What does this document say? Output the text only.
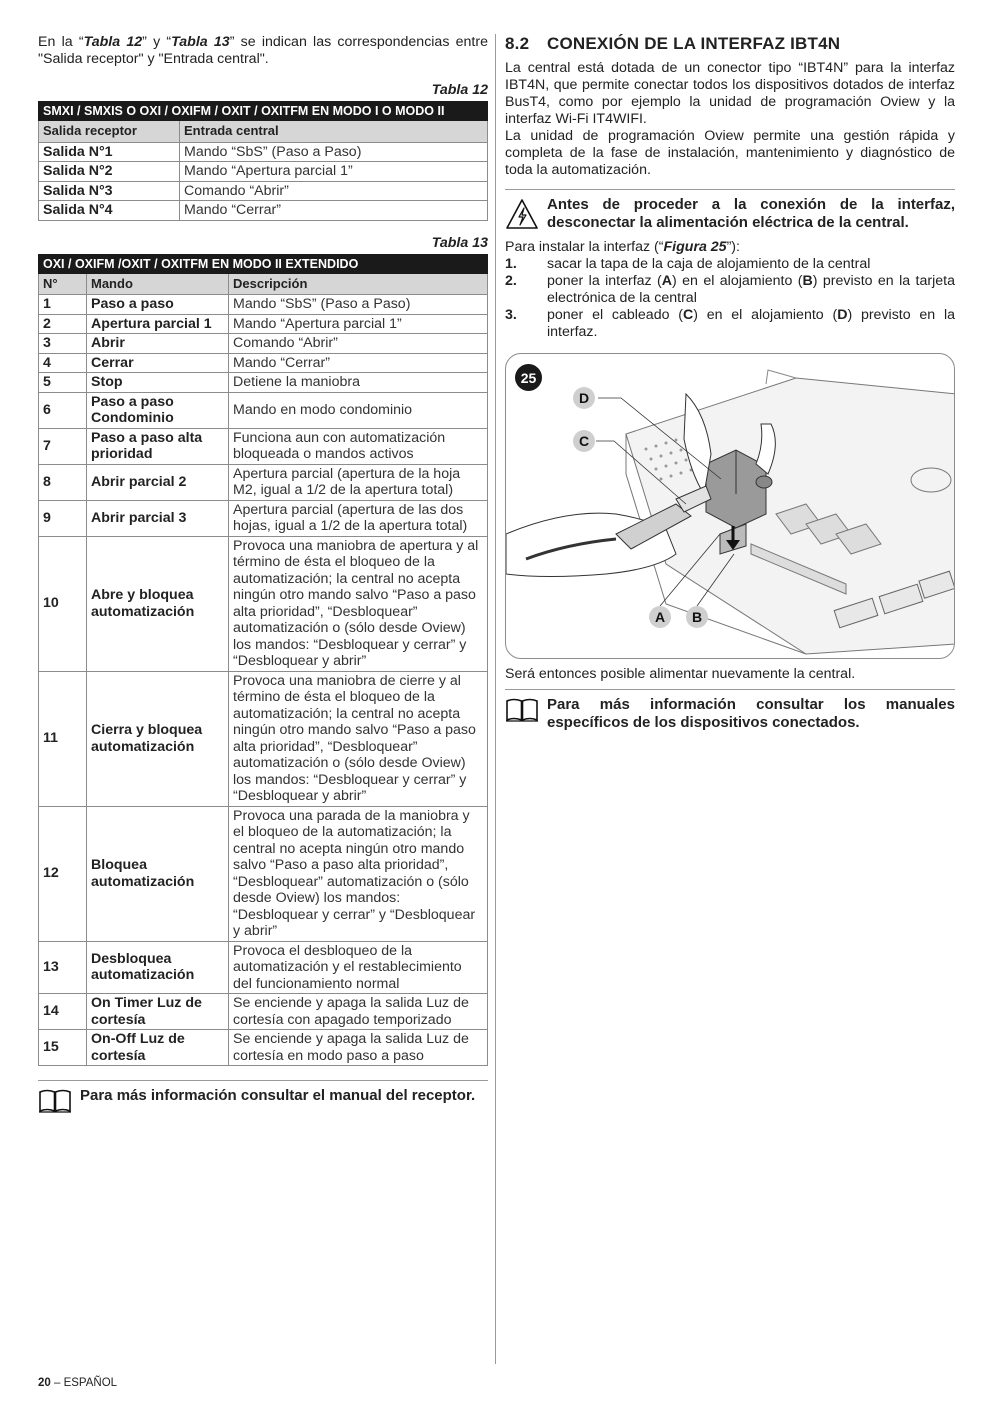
En la “Tabla 12” y “Tabla 13” se indican las correspondencias entre "Salida receptor" y "Entrada central".

Tabla 12
SMXI / SMXIS O OXI / OXIFM / OXIT / OXITFM EN MODO I O MODO II	
Salida receptor	Entrada central
Salida N°1	Mando “SbS” (Paso a Paso)
Salida N°2	Mando “Apertura parcial 1”
Salida N°3	Comando “Abrir”
Salida N°4	Mando “Cerrar”
Tabla 13
OXI / OXIFM /OXIT / OXITFM EN MODO II EXTENDIDO		
N°	Mando	Descripción
1	Paso a paso	Mando “SbS” (Paso a Paso)
2	Apertura parcial 1	Mando “Apertura parcial 1”
3	Abrir	Comando “Abrir”
4	Cerrar	Mando “Cerrar”
5	Stop	Detiene la maniobra
6	Paso a paso Condominio	Mando en modo condominio
7	Paso a paso alta prioridad	Funciona aun con automatización bloqueada o mandos activos
8	Abrir parcial 2	Apertura parcial (apertura de la hoja M2, igual a 1/2 de la apertura total)
9	Abrir parcial 3	Apertura parcial (apertura de las dos hojas, igual a 1/2 de la apertura total)
10	Abre y bloquea automatización	Provoca una maniobra de apertura y al término de ésta el bloqueo de la automatización; la central no acepta ningún otro mando salvo “Paso a paso alta prioridad”, “Desbloquear” automatización o (sólo desde Oview) los mandos: “Desbloquear y cerrar” y “Desbloquear y abrir”
11	Cierra y bloquea automatización	Provoca una maniobra de cierre y al término de ésta el bloqueo de la automatización; la central no acepta ningún otro mando salvo “Paso a paso alta prioridad”, “Desbloquear” automatización o (sólo desde Oview) los mandos: “Desbloquear y cerrar” y “Desbloquear y abrir”
12	Bloquea automatización	Provoca una parada de la maniobra y el bloqueo de la automatización; la central no acepta ningún otro mando salvo “Paso a paso alta prioridad”, “Desbloquear” automatización o (sólo desde Oview) los mandos: “Desbloquear y cerrar” y “Desbloquear y abrir”
13	Desbloquea automatización	Provoca el desbloqueo de la automatización y el restablecimiento del funcionamiento normal
14	On Timer Luz de cortesía	Se enciende y apaga la salida Luz de cortesía con apagado temporizado
15	On-Off Luz de cortesía	Se enciende y apaga la salida Luz de cortesía en modo paso a paso
Para más información consultar el manual del receptor.
8.2 CONEXIÓN DE LA INTERFAZ IBT4N

La central está dotada de un conector tipo “IBT4N” para la interfaz IBT4N, que permite conectar todos los dispositivos dotados de interfaz BusT4, como por ejemplo la unidad de programación Oview y la interfaz Wi-Fi IT4WIFI.

La unidad de programación Oview permite una gestión rápida y completa de la fase de instalación, mantenimiento y diagnóstico de toda la automatización.

Antes de proceder a la conexión de la interfaz, desconectar la alimentación eléctrica de la central.

Para instalar la interfaz (“Figura 25”):

1.	sacar la tapa de la caja de alojamiento de la central
2.	poner la interfaz (A) en el alojamiento (B) previsto en la tarjeta electrónica de la central
3.	poner el cableado (C) en el alojamiento (D) previsto en la interfaz.
25
D
C
A	B

Será entonces posible alimentar nuevamente la central.

Para más información consultar los manuales específicos de los dispositivos conectados.
20 – ESPAÑOL
